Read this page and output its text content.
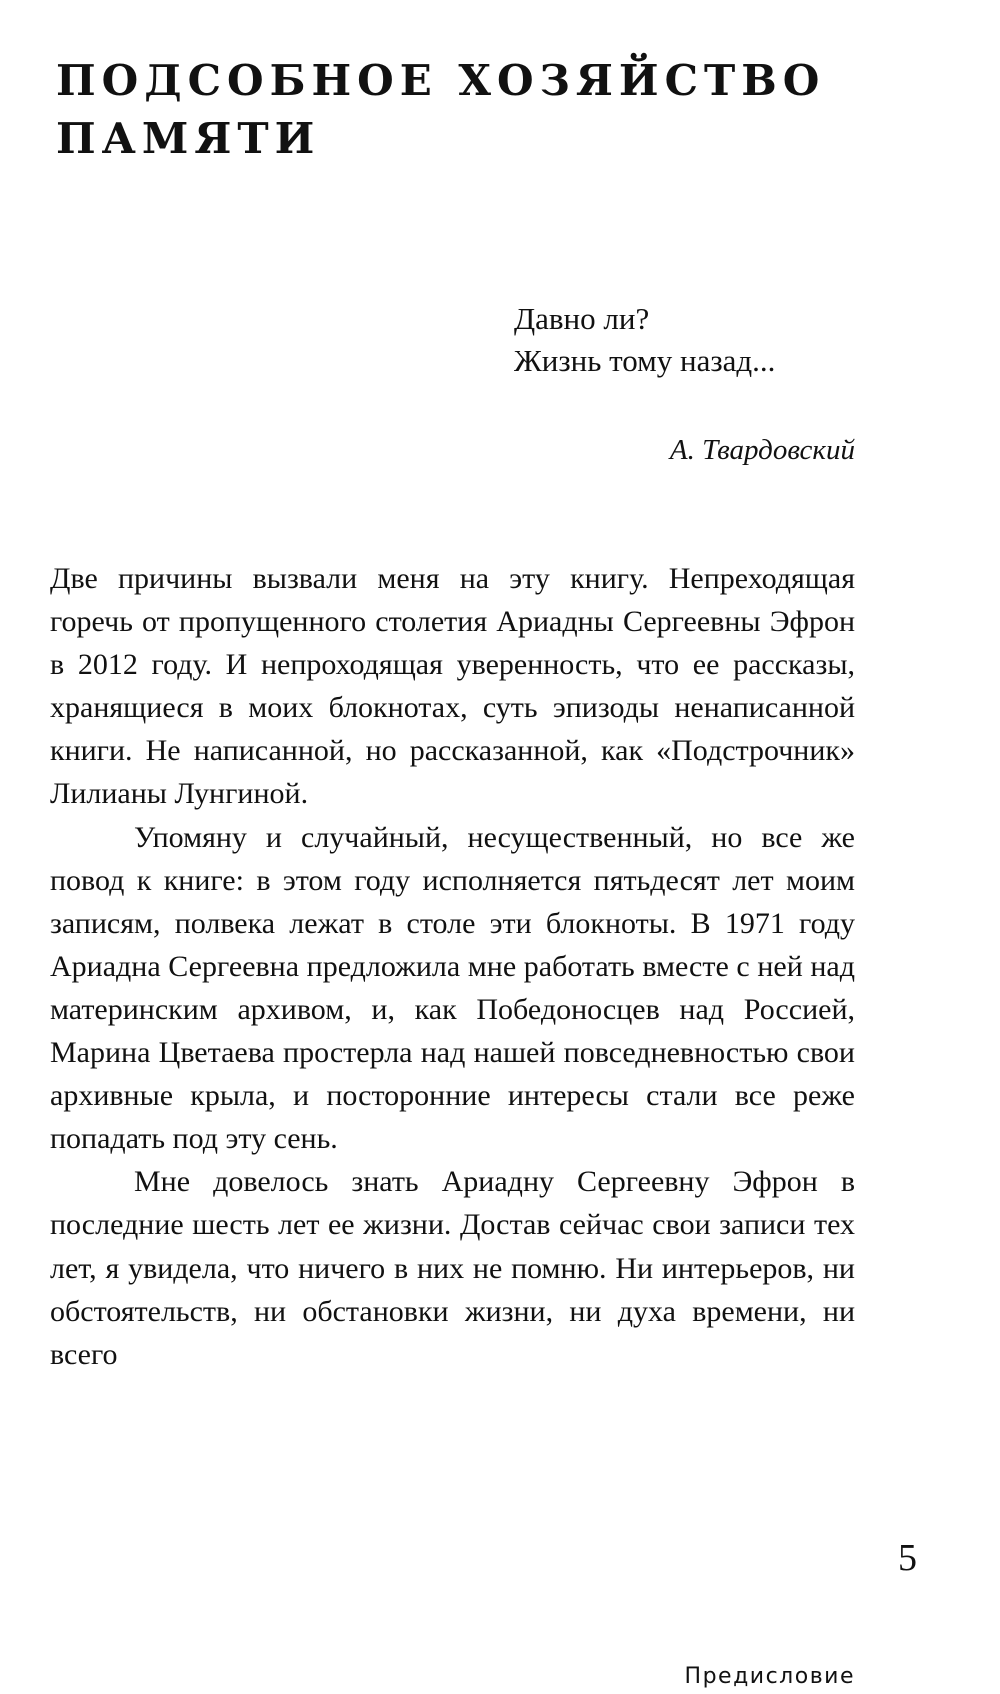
ПОДСОБНОЕ ХОЗЯЙСТВО
ПАМЯТИ
Давно ли?
Жизнь тому назад...
А. Твардовский

Две причины вызвали меня на эту книгу. Непреходящая горечь от пропущенного столетия Ариадны Сергеевны Эфрон в 2012 году. И непроходящая уверенность, что ее рассказы, хранящиеся в моих блокнотах, суть эпизоды ненаписанной книги. Не написанной, но рассказанной, как «Подстрочник» Лилианы Лунгиной.

Упомяну и случайный, несущественный, но все же повод к книге: в этом году исполняется пятьдесят лет моим записям, полвека лежат в столе эти блокноты. В 1971 году Ариадна Сергеевна предложила мне работать вместе с ней над материнским архивом, и, как Победоносцев над Россией, Марина Цветаева простерла над нашей повседневностью свои архивные крыла, и посторонние интересы стали все реже попадать под эту сень.

Мне довелось знать Ариадну Сергеевну Эфрон в последние шесть лет ее жизни. Достав сейчас свои записи тех лет, я увидела, что ничего в них не помню. Ни интерьеров, ни обстоятельств, ни обстановки жизни, ни духа времени, ни всего

5
Предисловие
